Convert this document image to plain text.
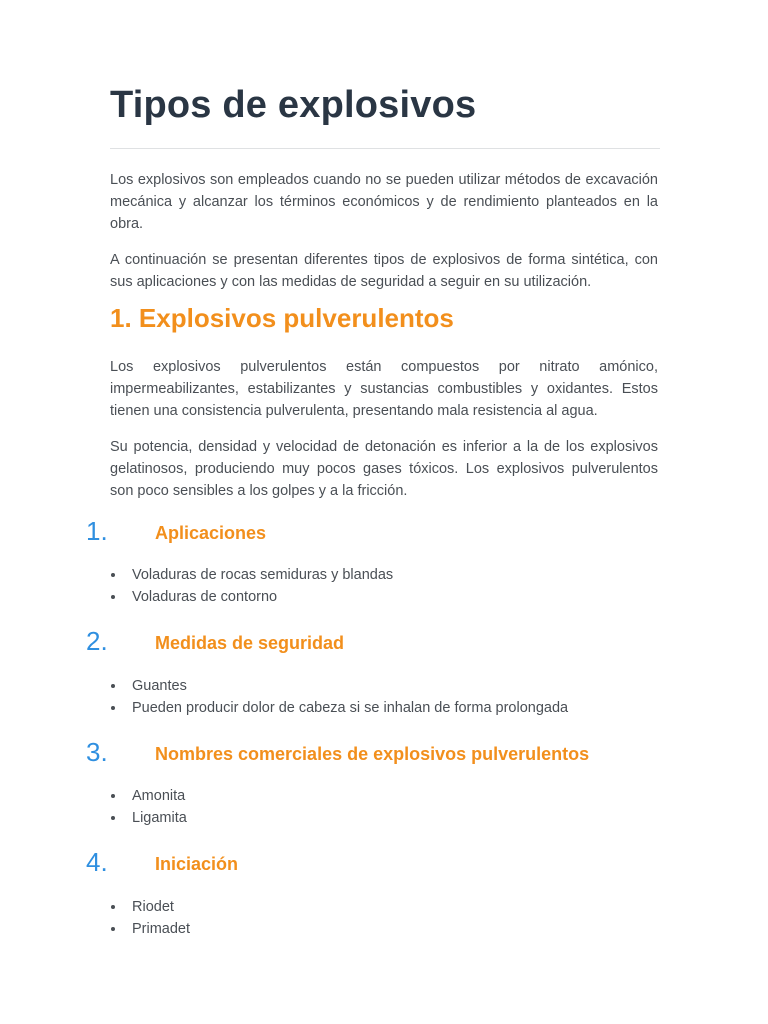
Tipos de explosivos

Los explosivos son empleados cuando no se pueden utilizar métodos de excavación mecánica y alcanzar los términos económicos y de rendimiento planteados en la obra.

A continuación se presentan diferentes tipos de explosivos de forma sintética, con sus aplicaciones y con las medidas de seguridad a seguir en su utilización.

1. Explosivos pulverulentos

Los explosivos pulverulentos están compuestos por nitrato amónico, impermeabilizantes, estabilizantes y sustancias combustibles y oxidantes. Estos tienen una consistencia pulverulenta, presentando mala resistencia al agua.

Su potencia, densidad y velocidad de detonación es inferior a la de los explosivos gelatinosos, produciendo muy pocos gases tóxicos. Los explosivos pulverulentos son poco sensibles a los golpes y a la fricción.

1.	Aplicaciones
Voladuras de rocas semiduras y blandas
Voladuras de contorno
2.	Medidas de seguridad
Guantes
Pueden producir dolor de cabeza si se inhalan de forma prolongada
3.	Nombres comerciales de explosivos pulverulentos
Amonita
Ligamita
4.	Iniciación
Riodet
Primadet
